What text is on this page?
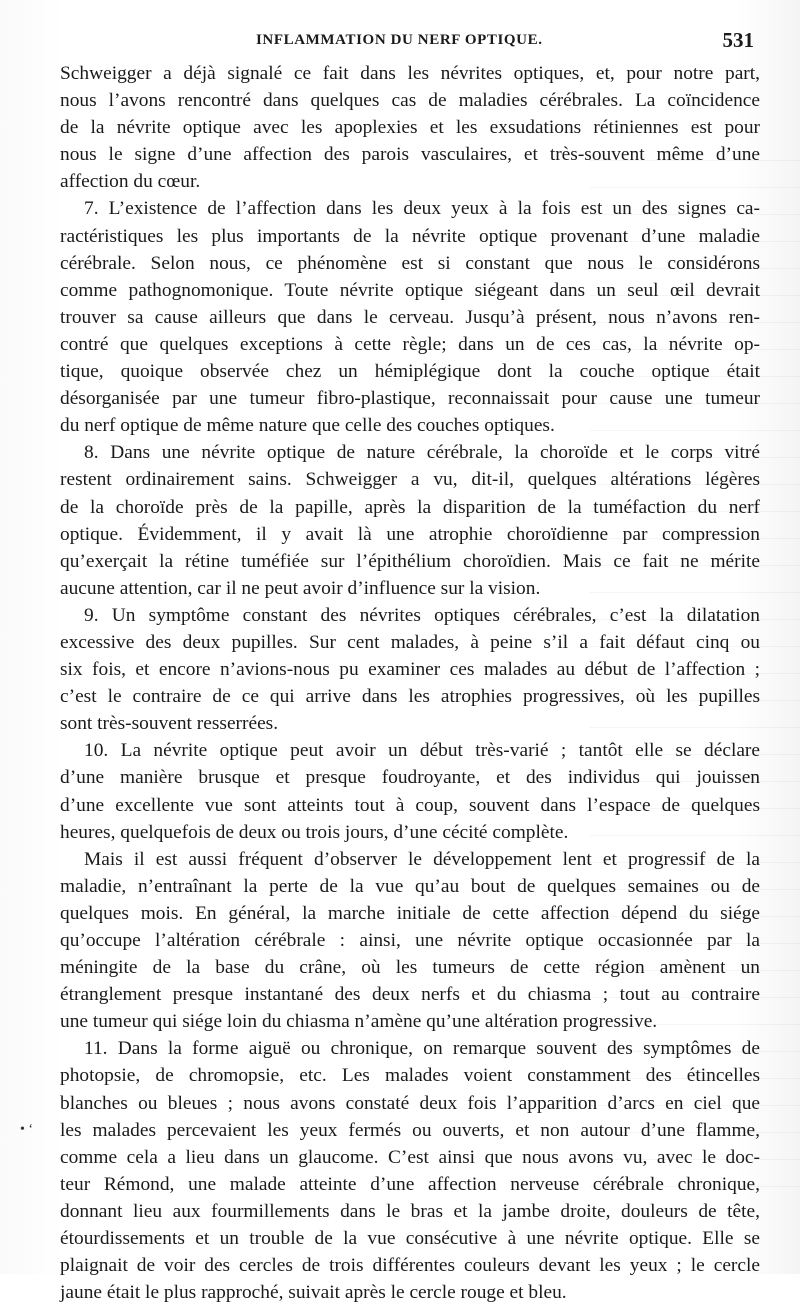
INFLAMMATION DU NERF OPTIQUE.	531
• ‘
Schweigger a déjà signalé ce fait dans les névrites optiques, et, pour notre part,
nous l’avons rencontré dans quelques cas de maladies cérébrales. La coïncidence
de la névrite optique avec les apoplexies et les exsudations rétiniennes est pour
nous le signe d’une affection des parois vasculaires, et très-souvent même d’une
affection du cœur.
7. L’existence de l’affection dans les deux yeux à la fois est un des signes ca-
ractéristiques les plus importants de la névrite optique provenant d’une maladie
cérébrale. Selon nous, ce phénomène est si constant que nous le considérons
comme pathognomonique. Toute névrite optique siégeant dans un seul œil devrait
trouver sa cause ailleurs que dans le cerveau. Jusqu’à présent, nous n’avons ren-
contré que quelques exceptions à cette règle; dans un de ces cas, la névrite op-
tique, quoique observée chez un hémiplégique dont la couche optique était
désorganisée par une tumeur fibro-plastique, reconnaissait pour cause une tumeur
du nerf optique de même nature que celle des couches optiques.
8. Dans une névrite optique de nature cérébrale, la choroïde et le corps vitré
restent ordinairement sains. Schweigger a vu, dit-il, quelques altérations légères
de la choroïde près de la papille, après la disparition de la tuméfaction du nerf
optique. Évidemment, il y avait là une atrophie choroïdienne par compression
qu’exerçait la rétine tuméfiée sur l’épithélium choroïdien. Mais ce fait ne mérite
aucune attention, car il ne peut avoir d’influence sur la vision.
9. Un symptôme constant des névrites optiques cérébrales, c’est la dilatation
excessive des deux pupilles. Sur cent malades, à peine s’il a fait défaut cinq ou
six fois, et encore n’avions-nous pu examiner ces malades au début de l’affection ;
c’est le contraire de ce qui arrive dans les atrophies progressives, où les pupilles
sont très-souvent resserrées.
10. La névrite optique peut avoir un début très-varié ; tantôt elle se déclare
d’une manière brusque et presque foudroyante, et des individus qui jouissen
d’une excellente vue sont atteints tout à coup, souvent dans l’espace de quelques
heures, quelquefois de deux ou trois jours, d’une cécité complète.
Mais il est aussi fréquent d’observer le développement lent et progressif de la
maladie, n’entraînant la perte de la vue qu’au bout de quelques semaines ou de
quelques mois. En général, la marche initiale de cette affection dépend du siége
qu’occupe l’altération cérébrale : ainsi, une névrite optique occasionnée par la
méningite de la base du crâne, où les tumeurs de cette région amènent un
étranglement presque instantané des deux nerfs et du chiasma ; tout au contraire
une tumeur qui siége loin du chiasma n’amène qu’une altération progressive.
11. Dans la forme aiguë ou chronique, on remarque souvent des symptômes de
photopsie, de chromopsie, etc. Les malades voient constamment des étincelles
blanches ou bleues ; nous avons constaté deux fois l’apparition d’arcs en ciel que
les malades percevaient les yeux fermés ou ouverts, et non autour d’une flamme,
comme cela a lieu dans un glaucome. C’est ainsi que nous avons vu, avec le doc-
teur Rémond, une malade atteinte d’une affection nerveuse cérébrale chronique,
donnant lieu aux fourmillements dans le bras et la jambe droite, douleurs de tête,
étourdissements et un trouble de la vue consécutive à une névrite optique. Elle se
plaignait de voir des cercles de trois différentes couleurs devant les yeux ; le cercle
jaune était le plus rapproché, suivait après le cercle rouge et bleu.
